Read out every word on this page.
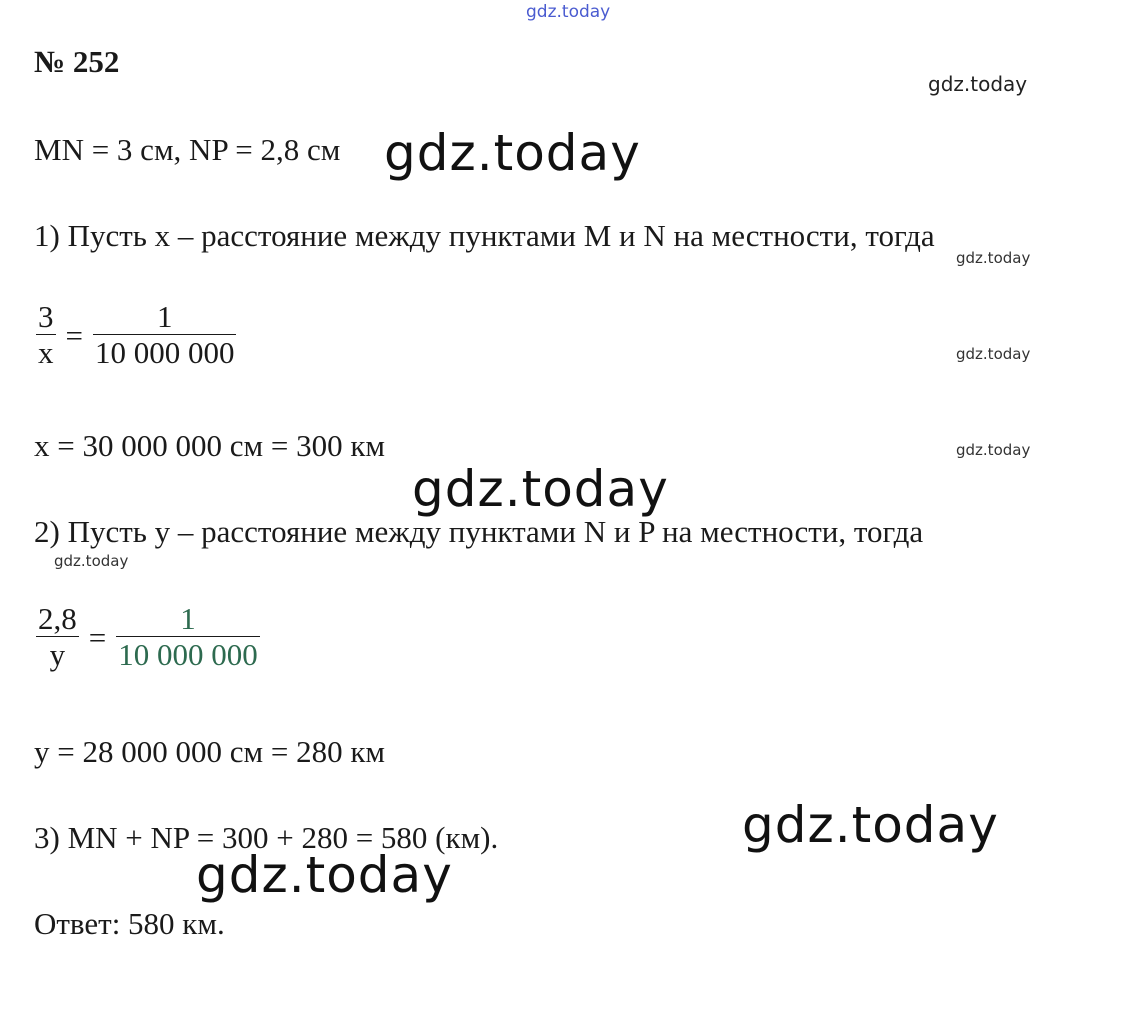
№ 252
MN = 3 см, NP = 2,8 см
1) Пусть x – расстояние между пунктами M и N на местности, тогда
$\frac{3}{x} = \frac{1}{10 000 000}$
x = 30 000 000 см = 300 км
2) Пусть y – расстояние между пунктами N и P на местности, тогда
$\frac{2,8}{y} = \frac{1}{10 000 000}$
y = 28 000 000 см = 280 км
3) MN + NP = 300 + 280 = 580 (км).
Ответ: 580 км.
gdz.today
gdz.today
gdz.today
gdz.today
gdz.today
gdz.today
gdz.today
gdz.today
gdz.today
gdz.today
